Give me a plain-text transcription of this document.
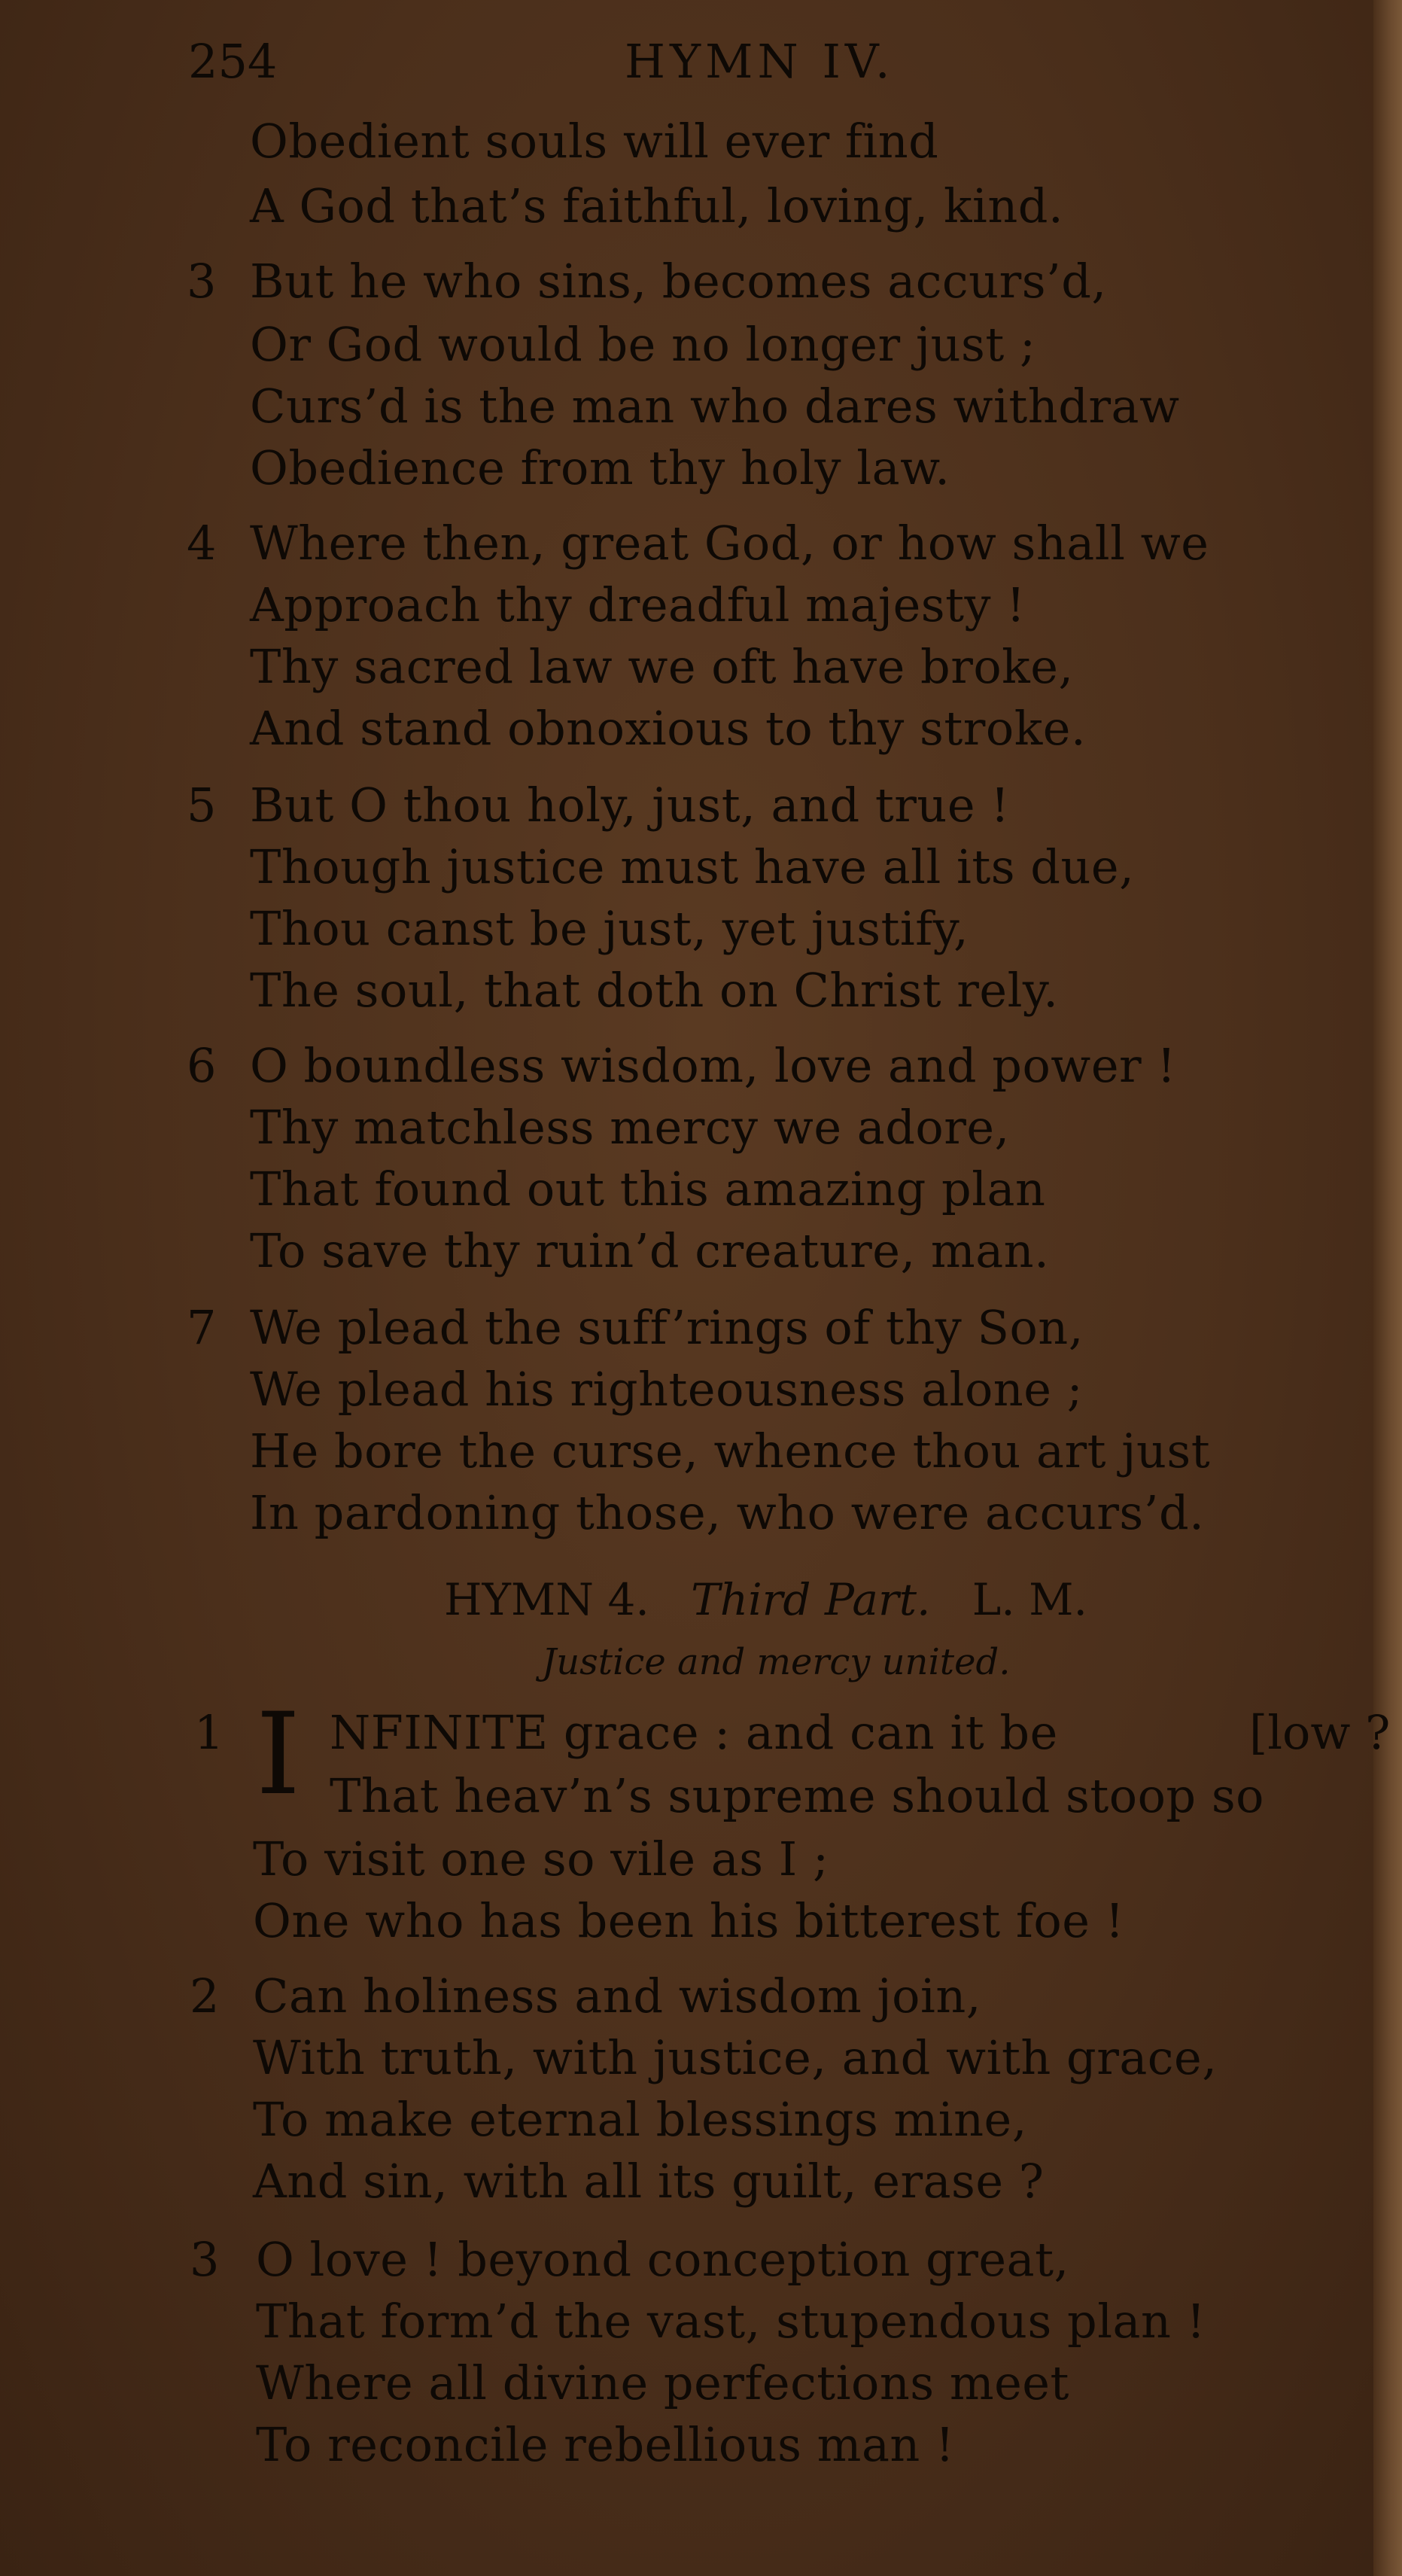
254	HYMN IV.
Obedient souls will ever find
A God that’s faithful, loving, kind.
3 But he who sins, becomes accurs’d,
Or God would be no longer just ;
Curs’d is the man who dares withdraw
Obedience from thy holy law.
4 Where then, great God, or how shall we
Approach thy dreadful majesty !
Thy sacred law we oft have broke,
And stand obnoxious to thy stroke.
5 But O thou holy, just, and true !
Though justice must have all its due,
Thou canst be just, yet justify,
The soul, that doth on Christ rely.
6 O boundless wisdom, love and power !
Thy matchless mercy we adore,
That found out this amazing plan
To save thy ruin’d creature, man.
7 We plead the suff’rings of thy Son,
We plead his righteousness alone ;
He bore the curse, whence thou art just
In pardoning those, who were accurs’d.
HYMN 4. Third Part. L. M.
Justice and mercy united.
1 I NFINITE grace : and can it be	[low ?
That heav’n’s supreme should stoop so
To visit one so vile as I ;
One who has been his bitterest foe !
2 Can holiness and wisdom join,
With truth, with justice, and with grace,
To make eternal blessings mine,
And sin, with all its guilt, erase ?
3 O love ! beyond conception great,
That form’d the vast, stupendous plan !
Where all divine perfections meet
To reconcile rebellious man !
